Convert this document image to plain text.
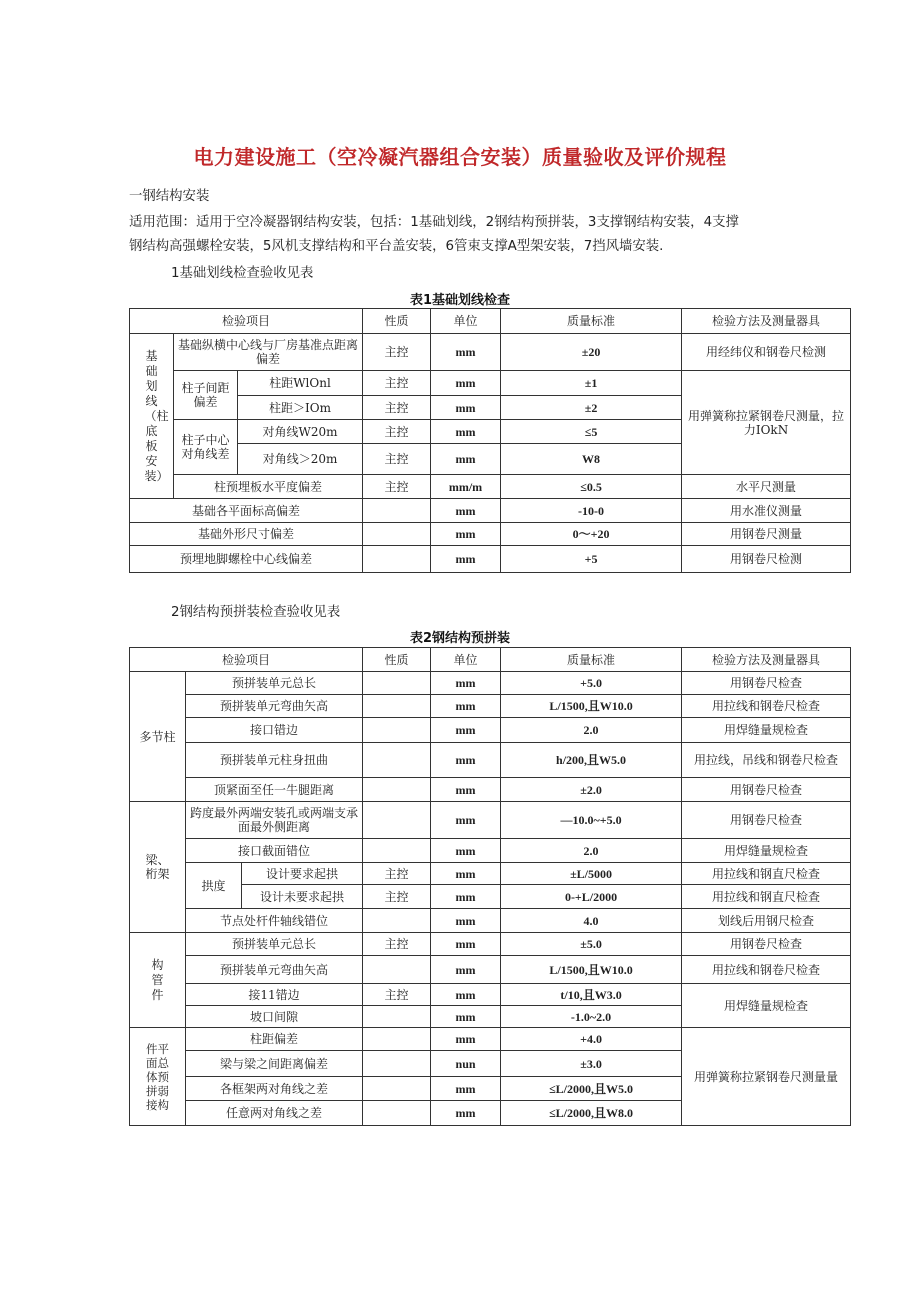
电力建设施工（空冷凝汽器组合安装）质量验收及评价规程
一钢结构安装
适用范围：适用于空冷凝器钢结构安装，包括：1基础划线，2钢结构预拼装，3支撑钢结构安装，4支撑
钢结构高强螺栓安装，5风机支撑结构和平台盖安装，6管束支撑A型架安装，7挡风墙安装.
1基础划线检查验收见表
表1基础划线检查
检验项目			性质	单位	质量标准	检验方法及测量器具

基础划线（柱底板安装）	基础纵横中心线与厂房基准点距离偏差		主控	mm	±20	用经纬仪和钢卷尺检测
	柱子间距偏差	柱距WlOnl	主控	mm	±1	用弹簧称拉紧钢卷尺测量，拉力IOkN
		柱距＞IOm	主控	mm	±2	
	柱子中心对角线差	对角线W20m	主控	mm	≤5	
		对角线＞20m	主控	mm	W8	
	柱预埋板水平度偏差		主控	mm/m	≤0.5	水平尺测量
基础各平面标高偏差				mm	-10-0	用水准仪测量
基础外形尺寸偏差				mm	0〜+20	用钢卷尺测量
预埋地脚螺栓中心线偏差				mm	+5	用钢卷尺检测
2钢结构预拼装检查验收见表
表2钢结构预拼装
检验项目			性质	单位	质量标准	检验方法及测量器具
多节柱	预拼装单元总长			mm	+5.0	用钢卷尺检查
	预拼装单元弯曲矢高			mm	L/1500,且W10.0	用拉线和钢卷尺检查
	接口错边			mm	2.0	用焊缝量规检查
	预拼装单元柱身扭曲			mm	h/200,且W5.0	用拉线，吊线和钢卷尺检查
	顶紧面至任一牛腿距离			mm	±2.0	用钢卷尺检查

梁、桁架	跨度最外两端安装孔或两端支承面最外侧距离			mm	—10.0~+5.0	用钢卷尺检查
	接口截面错位			mm	2.0	用焊缝量规检查
	拱度	设计要求起拱	主控	mm	±L/5000	用拉线和钢直尺检查
		设计未要求起拱	主控	mm	0-+L/2000	用拉线和钢直尺检查
	节点处杆件轴线错位			mm	4.0	划线后用钢尺检查

构管件	预拼装单元总长		主控	mm	±5.0	用钢卷尺检查
	预拼装单元弯曲矢高			mm	L/1500,且W10.0	用拉线和钢卷尺检查
	接11错边		主控	mm	t/10,且W3.0	用焊缝量规检查
	坡口间隙			mm	-1.0~2.0	

件平面总体预拼弱接构	柱距偏差			mm	+4.0	用弹簧称拉紧钢卷尺测量量
	梁与梁之间距离偏差			nun	±3.0	
	各框架两对角线之差			mm	≤L/2000,且W5.0	
	任意两对角线之差			mm	≤L/2000,且W8.0	
